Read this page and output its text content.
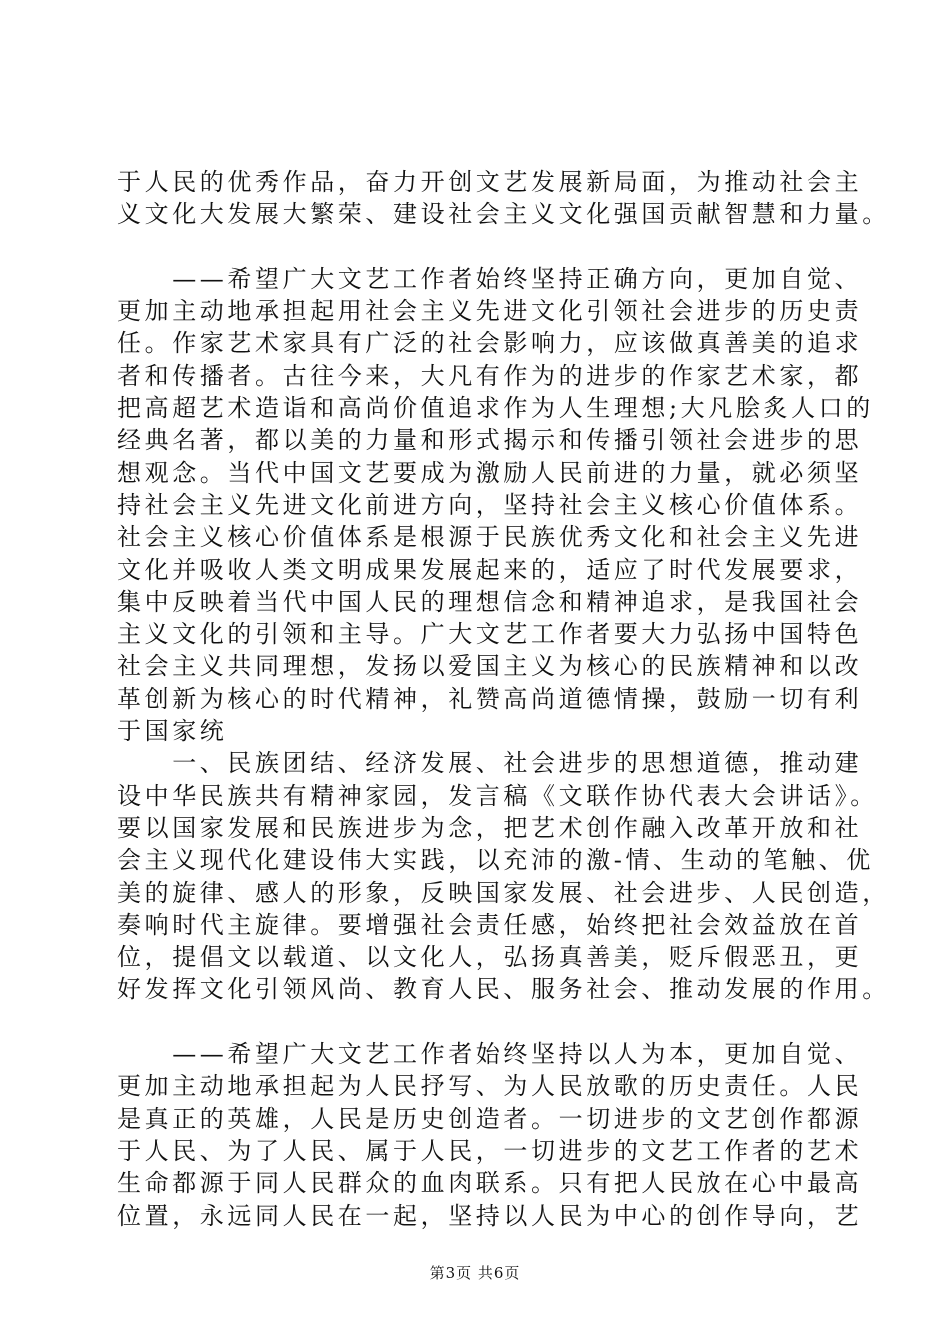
于人民的优秀作品，奋力开创文艺发展新局面，为推动社会主
义文化大发展大繁荣、建设社会主义文化强国贡献智慧和力量。
　　——希望广大文艺工作者始终坚持正确方向，更加自觉、
更加主动地承担起用社会主义先进文化引领社会进步的历史责
任。作家艺术家具有广泛的社会影响力，应该做真善美的追求
者和传播者。古往今来，大凡有作为的进步的作家艺术家，都
把高超艺术造诣和高尚价值追求作为人生理想;大凡脍炙人口的
经典名著，都以美的力量和形式揭示和传播引领社会进步的思
想观念。当代中国文艺要成为激励人民前进的力量，就必须坚
持社会主义先进文化前进方向，坚持社会主义核心价值体系。
社会主义核心价值体系是根源于民族优秀文化和社会主义先进
文化并吸收人类文明成果发展起来的，适应了时代发展要求，
集中反映着当代中国人民的理想信念和精神追求，是我国社会
主义文化的引领和主导。广大文艺工作者要大力弘扬中国特色
社会主义共同理想，发扬以爱国主义为核心的民族精神和以改
革创新为核心的时代精神，礼赞高尚道德情操，鼓励一切有利
于国家统
　　一、民族团结、经济发展、社会进步的思想道德，推动建
设中华民族共有精神家园，发言稿《文联作协代表大会讲话》。
要以国家发展和民族进步为念，把艺术创作融入改革开放和社
会主义现代化建设伟大实践，以充沛的激-情、生动的笔触、优
美的旋律、感人的形象，反映国家发展、社会进步、人民创造，
奏响时代主旋律。要增强社会责任感，始终把社会效益放在首
位，提倡文以载道、以文化人，弘扬真善美，贬斥假恶丑，更
好发挥文化引领风尚、教育人民、服务社会、推动发展的作用。
　　——希望广大文艺工作者始终坚持以人为本，更加自觉、
更加主动地承担起为人民抒写、为人民放歌的历史责任。人民
是真正的英雄，人民是历史创造者。一切进步的文艺创作都源
于人民、为了人民、属于人民，一切进步的文艺工作者的艺术
生命都源于同人民群众的血肉联系。只有把人民放在心中最高
位置，永远同人民在一起，坚持以人民为中心的创作导向，艺
第3页 共6页
